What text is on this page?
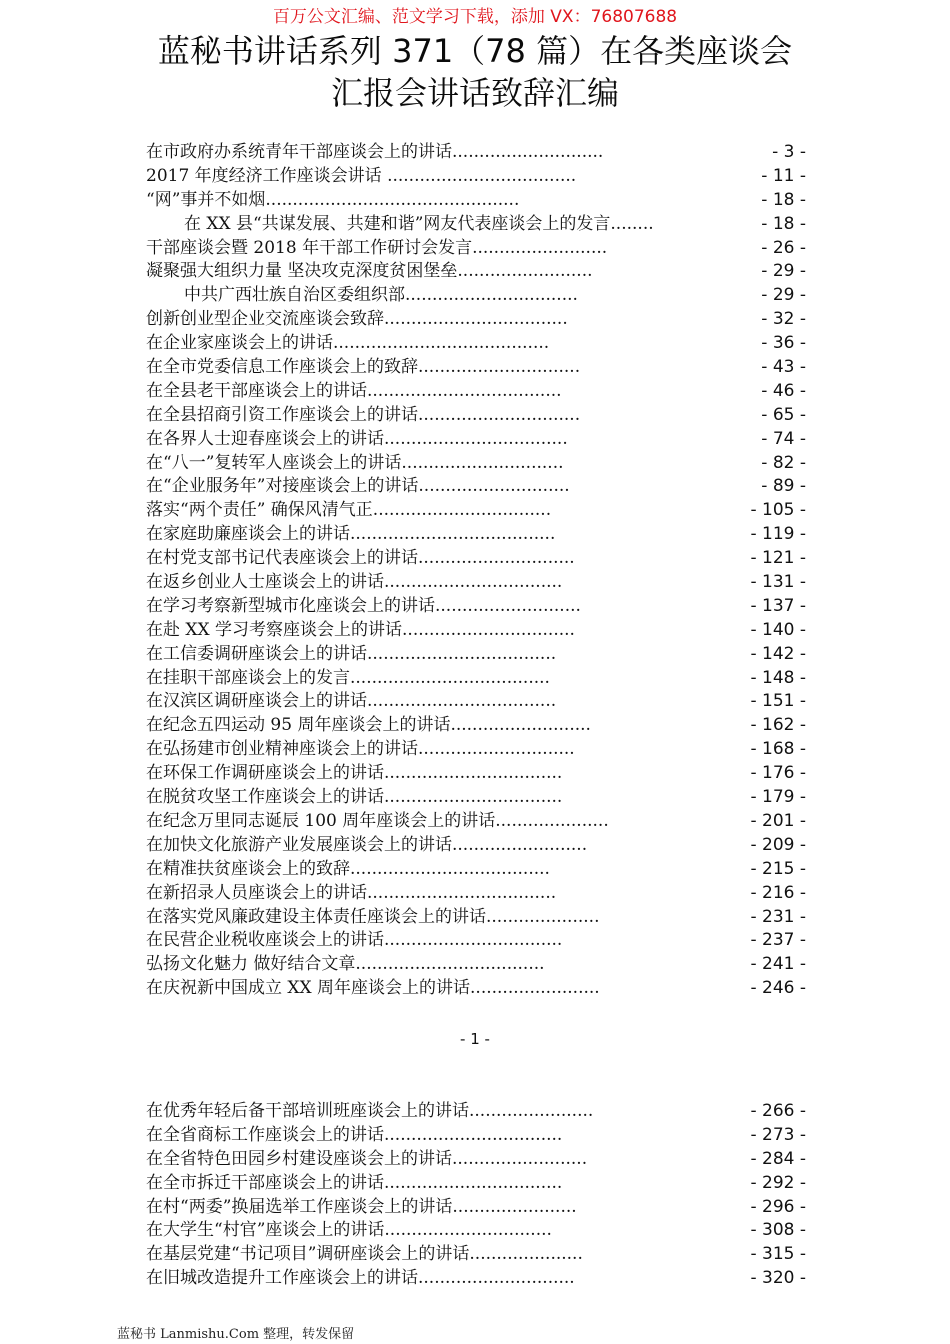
百万公文汇编、范文学习下载，添加 VX：76807688
蓝秘书讲话系列 371（78 篇）在各类座谈会
汇报会讲话致辞汇编
在市政府办系统青年干部座谈会上的讲话............................	- 3 -
2017 年度经济工作座谈会讲话 ...................................	- 11 -
“网”事并不如烟...............................................	- 18 -
在 XX 县“共谋发展、共建和谐”网友代表座谈会上的发言........	- 18 -
干部座谈会暨 2018 年干部工作研讨会发言.........................	- 26 -
凝聚强大组织力量 坚决攻克深度贫困堡垒.........................	- 29 -
中共广西壮族自治区委组织部................................	- 29 -
创新创业型企业交流座谈会致辞..................................	- 32 -
在企业家座谈会上的讲话........................................	- 36 -
在全市党委信息工作座谈会上的致辞..............................	- 43 -
在全县老干部座谈会上的讲话....................................	- 46 -
在全县招商引资工作座谈会上的讲话..............................	- 65 -
在各界人士迎春座谈会上的讲话..................................	- 74 -
在“八一”复转军人座谈会上的讲话..............................	- 82 -
在“企业服务年”对接座谈会上的讲话............................	- 89 -
落实“两个责任” 确保风清气正.................................	- 105 -
在家庭助廉座谈会上的讲话......................................	- 119 -
在村党支部书记代表座谈会上的讲话.............................	- 121 -
在返乡创业人士座谈会上的讲话.................................	- 131 -
在学习考察新型城市化座谈会上的讲话...........................	- 137 -
在赴 XX 学习考察座谈会上的讲话................................	- 140 -
在工信委调研座谈会上的讲话...................................	- 142 -
在挂职干部座谈会上的发言.....................................	- 148 -
在汉滨区调研座谈会上的讲话...................................	- 151 -
在纪念五四运动 95 周年座谈会上的讲话..........................	- 162 -
在弘扬建市创业精神座谈会上的讲话.............................	- 168 -
在环保工作调研座谈会上的讲话.................................	- 176 -
在脱贫攻坚工作座谈会上的讲话.................................	- 179 -
在纪念万里同志诞辰 100 周年座谈会上的讲话.....................	- 201 -
在加快文化旅游产业发展座谈会上的讲话.........................	- 209 -
在精准扶贫座谈会上的致辞.....................................	- 215 -
在新招录人员座谈会上的讲话...................................	- 216 -
在落实党风廉政建设主体责任座谈会上的讲话.....................	- 231 -
在民营企业税收座谈会上的讲话.................................	- 237 -
弘扬文化魅力 做好结合文章...................................	- 241 -
在庆祝新中国成立 XX 周年座谈会上的讲话........................	- 246 -
- 1 -
在优秀年轻后备干部培训班座谈会上的讲话.......................	- 266 -
在全省商标工作座谈会上的讲话.................................	- 273 -
在全省特色田园乡村建设座谈会上的讲话.........................	- 284 -
在全市拆迁干部座谈会上的讲话.................................	- 292 -
在村“两委”换届选举工作座谈会上的讲话.......................	- 296 -
在大学生“村官”座谈会上的讲话...............................	- 308 -
在基层党建“书记项目”调研座谈会上的讲话.....................	- 315 -
在旧城改造提升工作座谈会上的讲话.............................	- 320 -
蓝秘书 Lanmishu.Com 整理，转发保留
